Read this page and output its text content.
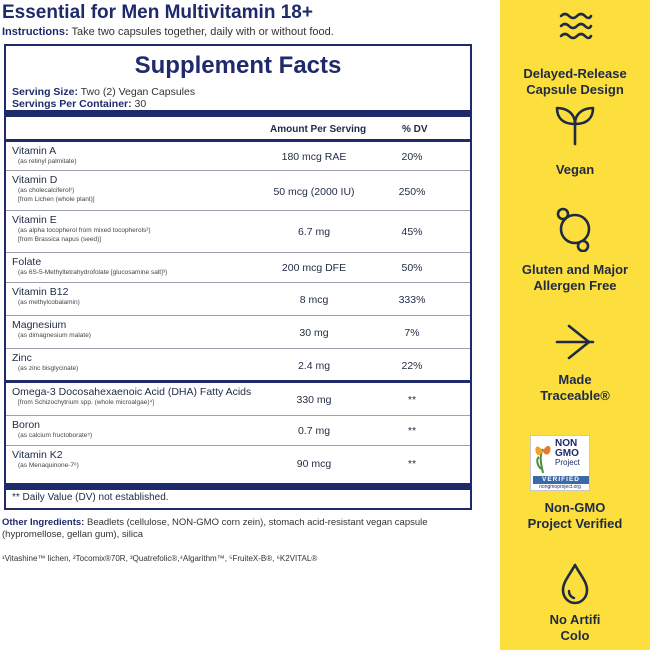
Essential for Men Multivitamin 18+
Instructions: Take two capsules together, daily with or without food.
Supplement Facts
Serving Size: Two (2) Vegan Capsules
Servings Per Container: 30
Amount Per Serving	% DV
Vitamin A
(as retinyl palmitate)	180 mcg RAE	20%
Vitamin D
(as cholecalciferol¹)
[from Lichen (whole plant)]
50 mcg (2000 IU)	250%
Vitamin E
(as alpha tocopherol from mixed tocopherols²)
[from Brassica napus (seed)]
6.7 mg	45%
Folate
(as 6S-5-Methyltetrahydrofolate [glucosamine salt]³)	200 mcg DFE	50%
Vitamin B12
(as methylcobalamin)	8 mcg	333%
Magnesium
(as dimagnesium malate)	30 mg	7%
Zinc
(as zinc bisglycinate)	2.4 mg	22%
Omega-3 Docosahexaenoic Acid (DHA) Fatty Acids
[from Schizochytrium spp. (whole microalgae)⁴]	330 mg	**
Boron
(as calcium fructoborate⁵)	0.7 mg	**
Vitamin K2
(as Menaquinone-7⁶)	90 mcg	**
** Daily Value (DV) not established.
Other Ingredients: Beadlets (cellulose, NON-GMO corn zein), stomach acid-resistant vegan capsule (hypromellose, gellan gum), silica
¹Vitashine™ lichen, ²Tocomix®70R, ³Quatrefolic®,⁴Algarithm™, ⁵FruiteX-B®, ⁶K2VITAL®
Delayed-Release
Capsule Design
Vegan
Gluten and Major
Allergen Free
Made
Traceable®
Non-GMO
Project Verified
No Artifi
Colo
NON
GMO
Project
VERIFIED
nongmoproject.org
